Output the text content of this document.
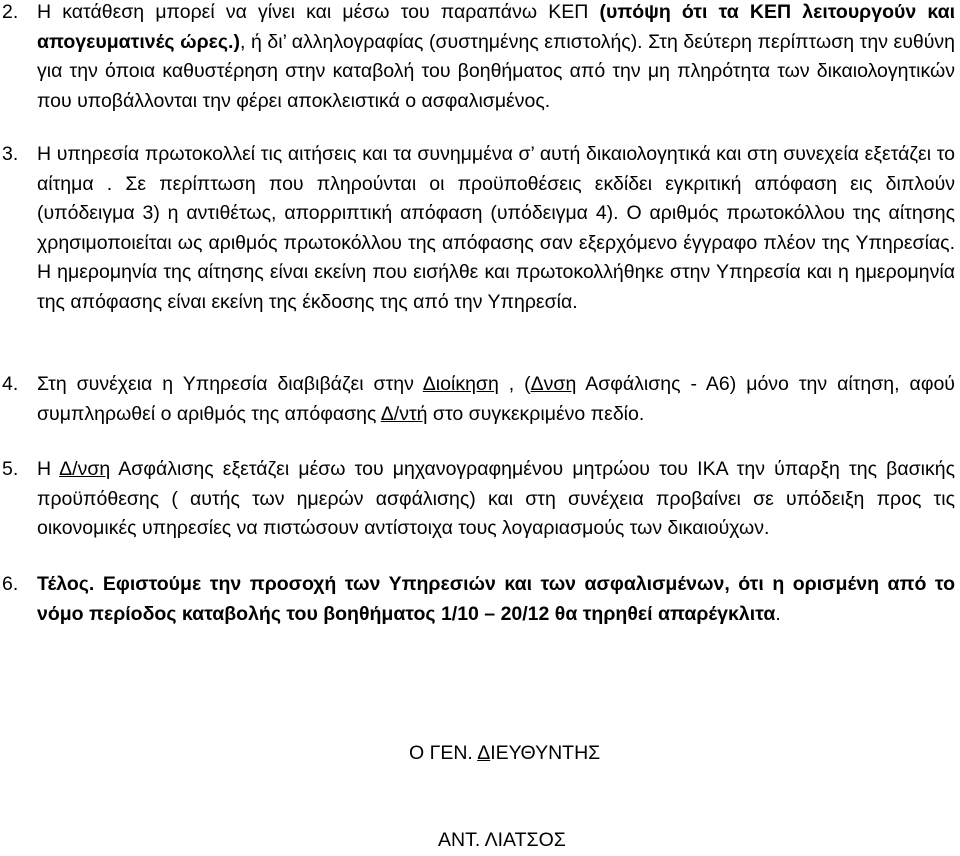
2. Η κατάθεση μπορεί να γίνει και μέσω του παραπάνω ΚΕΠ (υπόψη ότι τα ΚΕΠ λειτουργούν και απογευματινές ώρες.), ή δι’ αλληλογραφίας (συστημένης επιστολής). Στη δεύτερη περίπτωση την ευθύνη για την όποια καθυστέρηση στην καταβολή του βοηθήματος από την μη πληρότητα των δικαιολογητικών που υποβάλλονται την φέρει αποκλειστικά ο ασφαλισμένος.
3. Η υπηρεσία πρωτοκολλεί τις αιτήσεις και τα συνημμένα σ’ αυτή δικαιολογητικά και στη συνεχεία εξετάζει το αίτημα . Σε περίπτωση που πληρούνται οι προϋποθέσεις εκδίδει εγκριτική απόφαση εις διπλούν (υπόδειγμα 3) η αντιθέτως, απορριπτική απόφαση (υπόδειγμα 4). Ο αριθμός πρωτοκόλλου της αίτησης χρησιμοποιείται ως αριθμός πρωτοκόλλου της απόφασης σαν εξερχόμενο έγγραφο πλέον της Υπηρεσίας. Η ημερομηνία της αίτησης είναι εκείνη που εισήλθε και πρωτοκολλήθηκε στην Υπηρεσία και η ημερομηνία της απόφασης είναι εκείνη της έκδοσης της από την Υπηρεσία.
4. Στη συνέχεια η Υπηρεσία διαβιβάζει στην Διοίκηση , (Δνση Ασφάλισης - Α6) μόνο την αίτηση, αφού συμπληρωθεί ο αριθμός της απόφασης Δ/ντή στο συγκεκριμένο πεδίο.
5. Η Δ/νση Ασφάλισης εξετάζει μέσω του μηχανογραφημένου μητρώου του ΙΚΑ την ύπαρξη της βασικής προϋπόθεσης ( αυτής των ημερών ασφάλισης) και στη συνέχεια προβαίνει σε υπόδειξη προς τις οικονομικές υπηρεσίες να πιστώσουν αντίστοιχα τους λογαριασμούς των δικαιούχων.
6. Τέλος. Εφιστούμε την προσοχή των Υπηρεσιών και των ασφαλισμένων, ότι η ορισμένη από το νόμο περίοδος καταβολής του βοηθήματος 1/10 – 20/12 θα τηρηθεί απαρέγκλιτα.
Ο ΓΕΝ. ΔΙΕΥΘΥΝΤΗΣ
ΑΝΤ. ΛΙΑΤΣΟΣ
